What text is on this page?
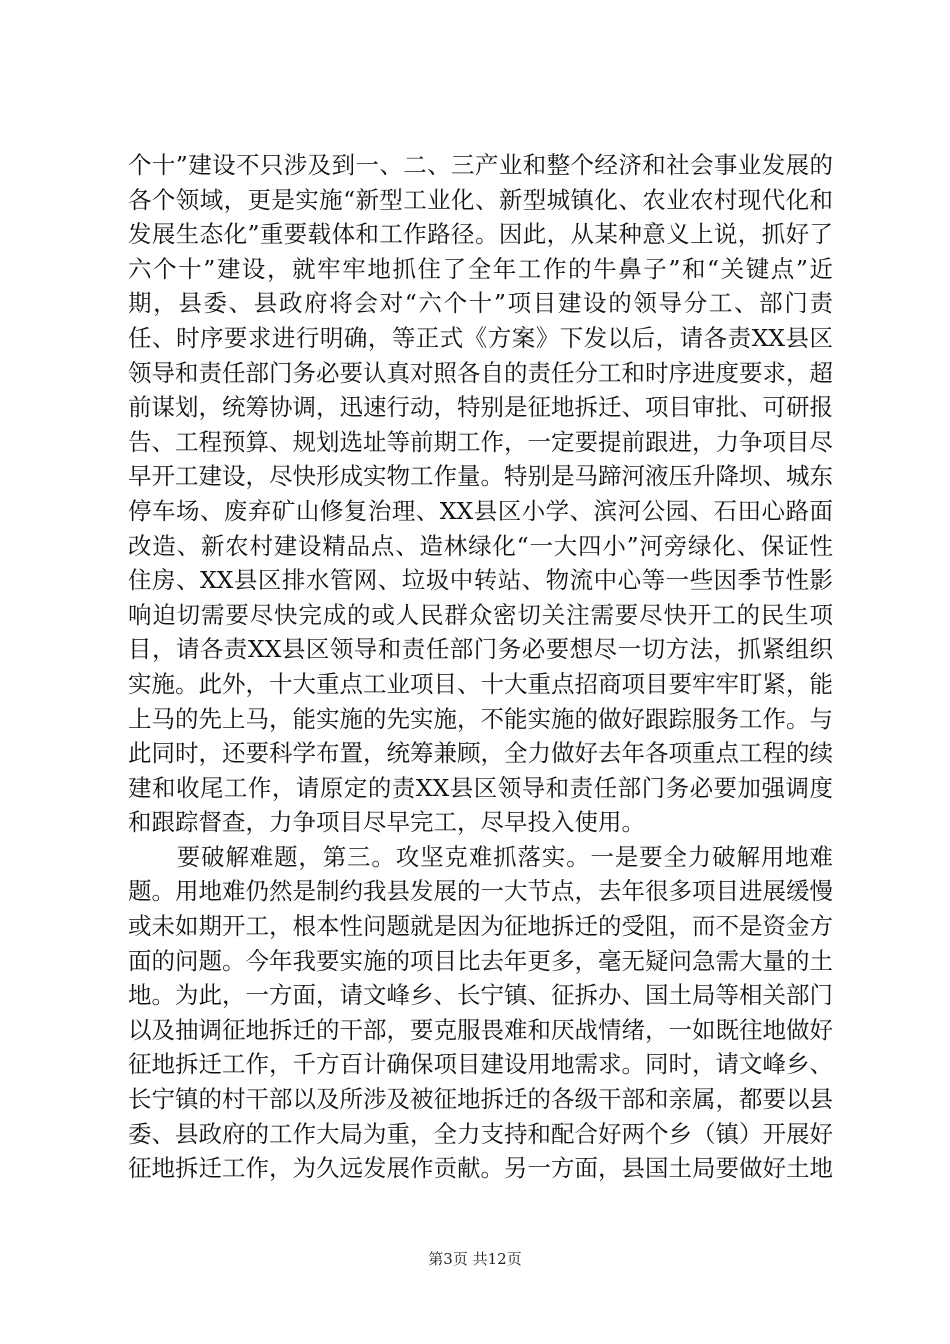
个十”建设不只涉及到一、二、三产业和整个经济和社会事业发展的各个领域，更是实施“新型工业化、新型城镇化、农业农村现代化和发展生态化”重要载体和工作路径。因此，从某种意义上说，抓好了六个十”建设，就牢牢地抓住了全年工作的牛鼻子”和“关键点”近期，县委、县政府将会对“六个十”项目建设的领导分工、部门责任、时序要求进行明确，等正式《方案》下发以后，请各责XX县区领导和责任部门务必要认真对照各自的责任分工和时序进度要求，超前谋划，统筹协调，迅速行动，特别是征地拆迁、项目审批、可研报告、工程预算、规划选址等前期工作，一定要提前跟进，力争项目尽早开工建设，尽快形成实物工作量。特别是马蹄河液压升降坝、城东停车场、废弃矿山修复治理、XX县区小学、滨河公园、石田心路面改造、新农村建设精品点、造林绿化“一大四小”河旁绿化、保证性住房、XX县区排水管网、垃圾中转站、物流中心等一些因季节性影响迫切需要尽快完成的或人民群众密切关注需要尽快开工的民生项目，请各责XX县区领导和责任部门务必要想尽一切方法，抓紧组织实施。此外，十大重点工业项目、十大重点招商项目要牢牢盯紧，能上马的先上马，能实施的先实施，不能实施的做好跟踪服务工作。与此同时，还要科学布置，统筹兼顾，全力做好去年各项重点工程的续建和收尾工作，请原定的责XX县区领导和责任部门务必要加强调度和跟踪督查，力争项目尽早完工，尽早投入使用。

　　要破解难题，第三。攻坚克难抓落实。一是要全力破解用地难题。用地难仍然是制约我县发展的一大节点，去年很多项目进展缓慢或未如期开工，根本性问题就是因为征地拆迁的受阻，而不是资金方面的问题。今年我要实施的项目比去年更多，毫无疑问急需大量的土地。为此，一方面，请文峰乡、长宁镇、征拆办、国土局等相关部门以及抽调征地拆迁的干部，要克服畏难和厌战情绪，一如既往地做好征地拆迁工作，千方百计确保项目建设用地需求。同时，请文峰乡、长宁镇的村干部以及所涉及被征地拆迁的各级干部和亲属，都要以县委、县政府的工作大局为重，全力支持和配合好两个乡（镇）开展好征地拆迁工作，为久远发展作贡献。另一方面，县国土局要做好土地

第3页 共12页
